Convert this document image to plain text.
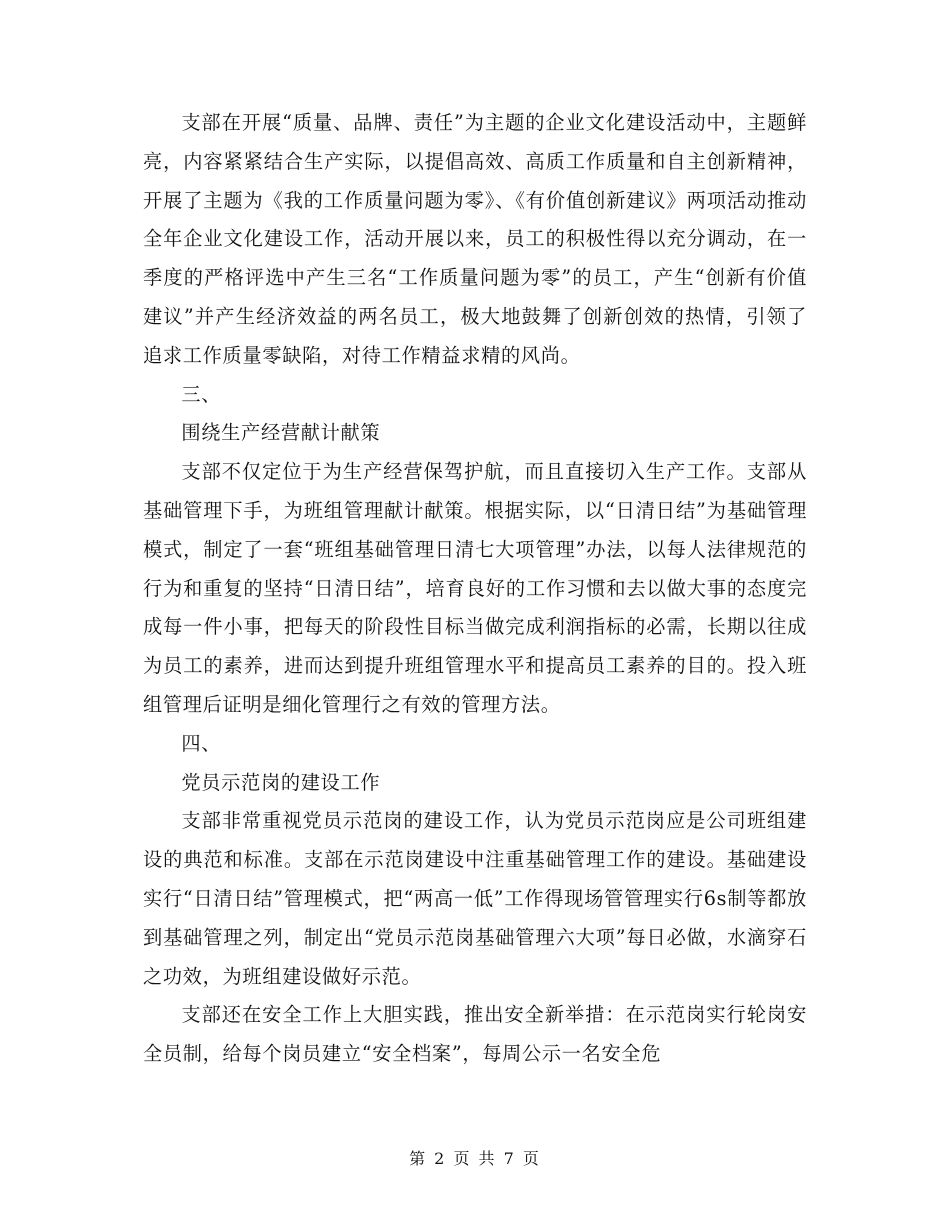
支部在开展“质量、品牌、责任”为主题的企业文化建设活动中，主题鲜亮，内容紧紧结合生产实际，以提倡高效、高质工作质量和自主创新精神，开展了主题为《我的工作质量问题为零》、《有价值创新建议》两项活动推动全年企业文化建设工作，活动开展以来，员工的积极性得以充分调动，在一季度的严格评选中产生三名“工作质量问题为零”的员工，产生“创新有价值建议”并产生经济效益的两名员工，极大地鼓舞了创新创效的热情，引领了追求工作质量零缺陷，对待工作精益求精的风尚。

三、

围绕生产经营献计献策

支部不仅定位于为生产经营保驾护航，而且直接切入生产工作。支部从基础管理下手，为班组管理献计献策。根据实际，以“日清日结”为基础管理模式，制定了一套“班组基础管理日清七大项管理”办法，以每人法律规范的行为和重复的坚持“日清日结”，培育良好的工作习惯和去以做大事的态度完成每一件小事，把每天的阶段性目标当做完成利润指标的必需，长期以往成为员工的素养，进而达到提升班组管理水平和提高员工素养的目的。投入班组管理后证明是细化管理行之有效的管理方法。

四、

党员示范岗的建设工作

支部非常重视党员示范岗的建设工作，认为党员示范岗应是公司班组建设的典范和标准。支部在示范岗建设中注重基础管理工作的建设。基础建设实行“日清日结”管理模式，把“两高一低”工作得现场管管理实行6s制等都放到基础管理之列，制定出“党员示范岗基础管理六大项”每日必做，水滴穿石之功效，为班组建设做好示范。

支部还在安全工作上大胆实践，推出安全新举措：在示范岗实行轮岗安全员制，给每个岗员建立“安全档案”，每周公示一名安全危

第 2 页 共 7 页
